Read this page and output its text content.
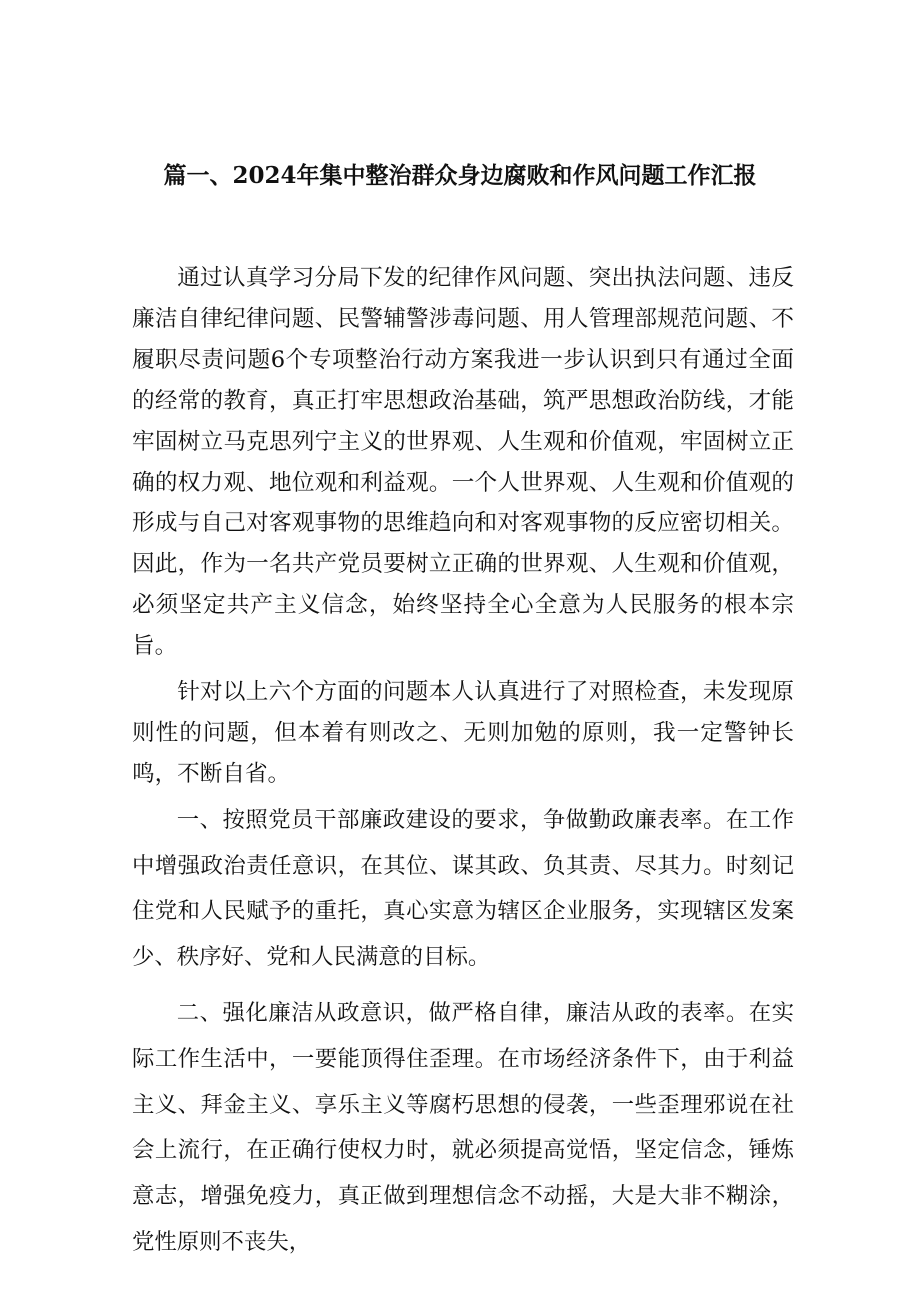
篇一、2024年集中整治群众身边腐败和作风问题工作汇报

通过认真学习分局下发的纪律作风问题、突出执法问题、违反廉洁自律纪律问题、民警辅警涉毒问题、用人管理部规范问题、不履职尽责问题6个专项整治行动方案我进一步认识到只有通过全面的经常的教育，真正打牢思想政治基础，筑严思想政治防线，才能牢固树立马克思列宁主义的世界观、人生观和价值观，牢固树立正确的权力观、地位观和利益观。一个人世界观、人生观和价值观的形成与自己对客观事物的思维趋向和对客观事物的反应密切相关。因此，作为一名共产党员要树立正确的世界观、人生观和价值观，必须坚定共产主义信念，始终坚持全心全意为人民服务的根本宗旨。

针对以上六个方面的问题本人认真进行了对照检查，未发现原则性的问题，但本着有则改之、无则加勉的原则，我一定警钟长鸣，不断自省。

一、按照党员干部廉政建设的要求，争做勤政廉表率。在工作中增强政治责任意识，在其位、谋其政、负其责、尽其力。时刻记住党和人民赋予的重托，真心实意为辖区企业服务，实现辖区发案少、秩序好、党和人民满意的目标。

二、强化廉洁从政意识，做严格自律，廉洁从政的表率。在实际工作生活中，一要能顶得住歪理。在市场经济条件下，由于利益主义、拜金主义、享乐主义等腐朽思想的侵袭，一些歪理邪说在社会上流行，在正确行使权力时，就必须提高觉悟，坚定信念，锤炼意志，增强免疫力，真正做到理想信念不动摇，大是大非不糊涂，党性原则不丧失，
